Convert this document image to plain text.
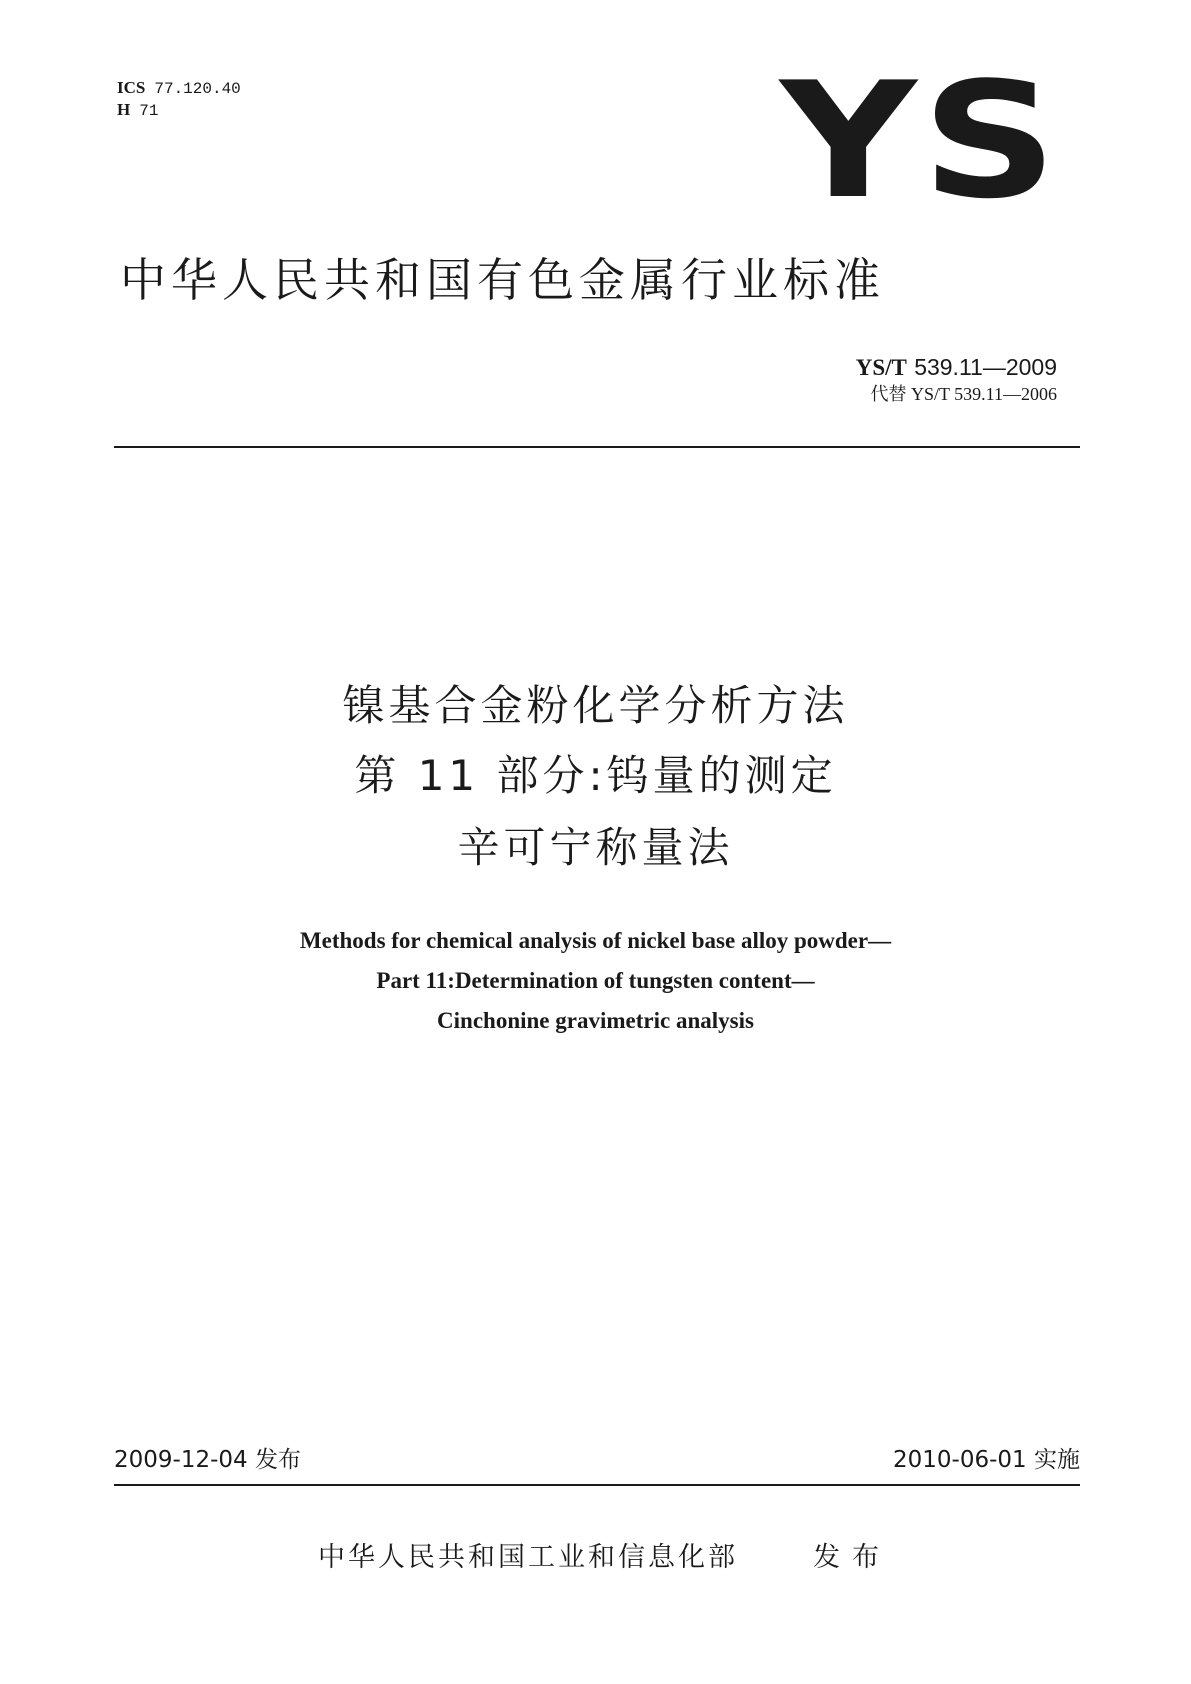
ICS 77.120.40
H 71	YS
中华人民共和国有色金属行业标准
YS/T 539.11—2009
代替 YS/T 539.11—2006
镍基合金粉化学分析方法
第 11 部分:钨量的测定
辛可宁称量法
Methods for chemical analysis of nickel base alloy powder—
Part 11:Determination of tungsten content—
Cinchonine gravimetric analysis
2009-12-04 发布	2010-06-01 实施
中华人民共和国工业和信息化部	发布
